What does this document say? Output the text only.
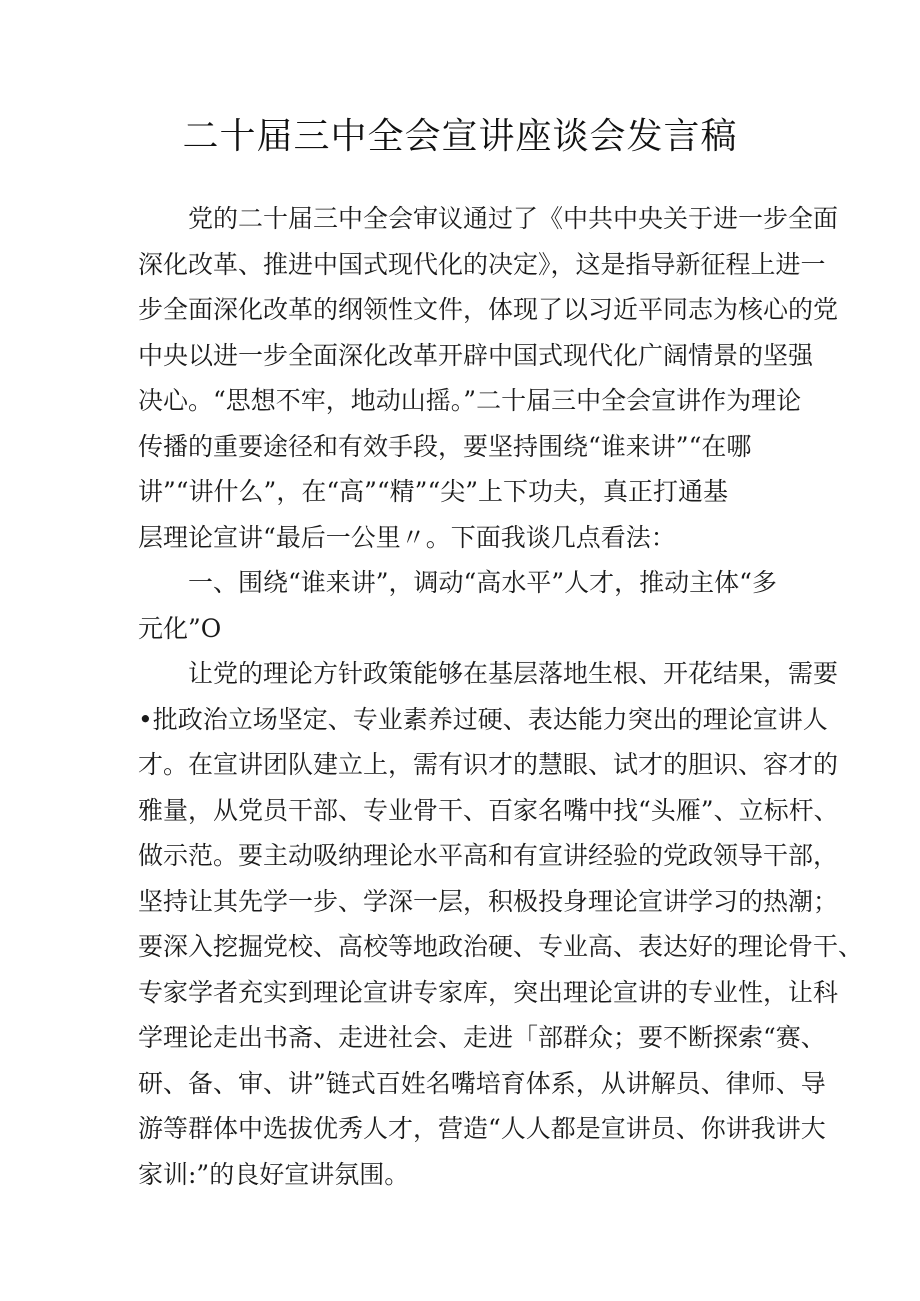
二十届三中全会宣讲座谈会发言稿
党的二十届三中全会审议通过了《中共中央关于进一步全面
深化改革、推进中国式现代化的决定》，这是指导新征程上进一
步全面深化改革的纲领性文件，体现了以习近平同志为核心的党
中央以进一步全面深化改革开辟中国式现代化广阔情景的坚强
决心。“思想不牢，地动山摇。”二十届三中全会宣讲作为理论
传播的重要途径和有效手段，要坚持围绕“谁来讲”“在哪
讲”“讲什么”，在“高”“精”“尖”上下功夫，真正打通基
层理论宣讲“最后一公里〃。下面我谈几点看法：
一、围绕“谁来讲”，调动“高水平”人才，推动主体“多
元化”O
让党的理论方针政策能够在基层落地生根、开花结果，需要
•批政治立场坚定、专业素养过硬、表达能力突出的理论宣讲人
才。在宣讲团队建立上，需有识才的慧眼、试才的胆识、容才的
雅量，从党员干部、专业骨干、百家名嘴中找“头雁”、立标杆、
做示范。要主动吸纳理论水平高和有宣讲经验的党政领导干部，
坚持让其先学一步、学深一层，积极投身理论宣讲学习的热潮；
要深入挖掘党校、高校等地政治硬、专业高、表达好的理论骨干、
专家学者充实到理论宣讲专家库，突出理论宣讲的专业性，让科
学理论走出书斋、走进社会、走进「部群众；要不断探索“赛、
研、备、审、讲”链式百姓名嘴培育体系，从讲解员、律师、导
游等群体中选拔优秀人才，营造“人人都是宣讲员、你讲我讲大
家训:”的良好宣讲氛围。
